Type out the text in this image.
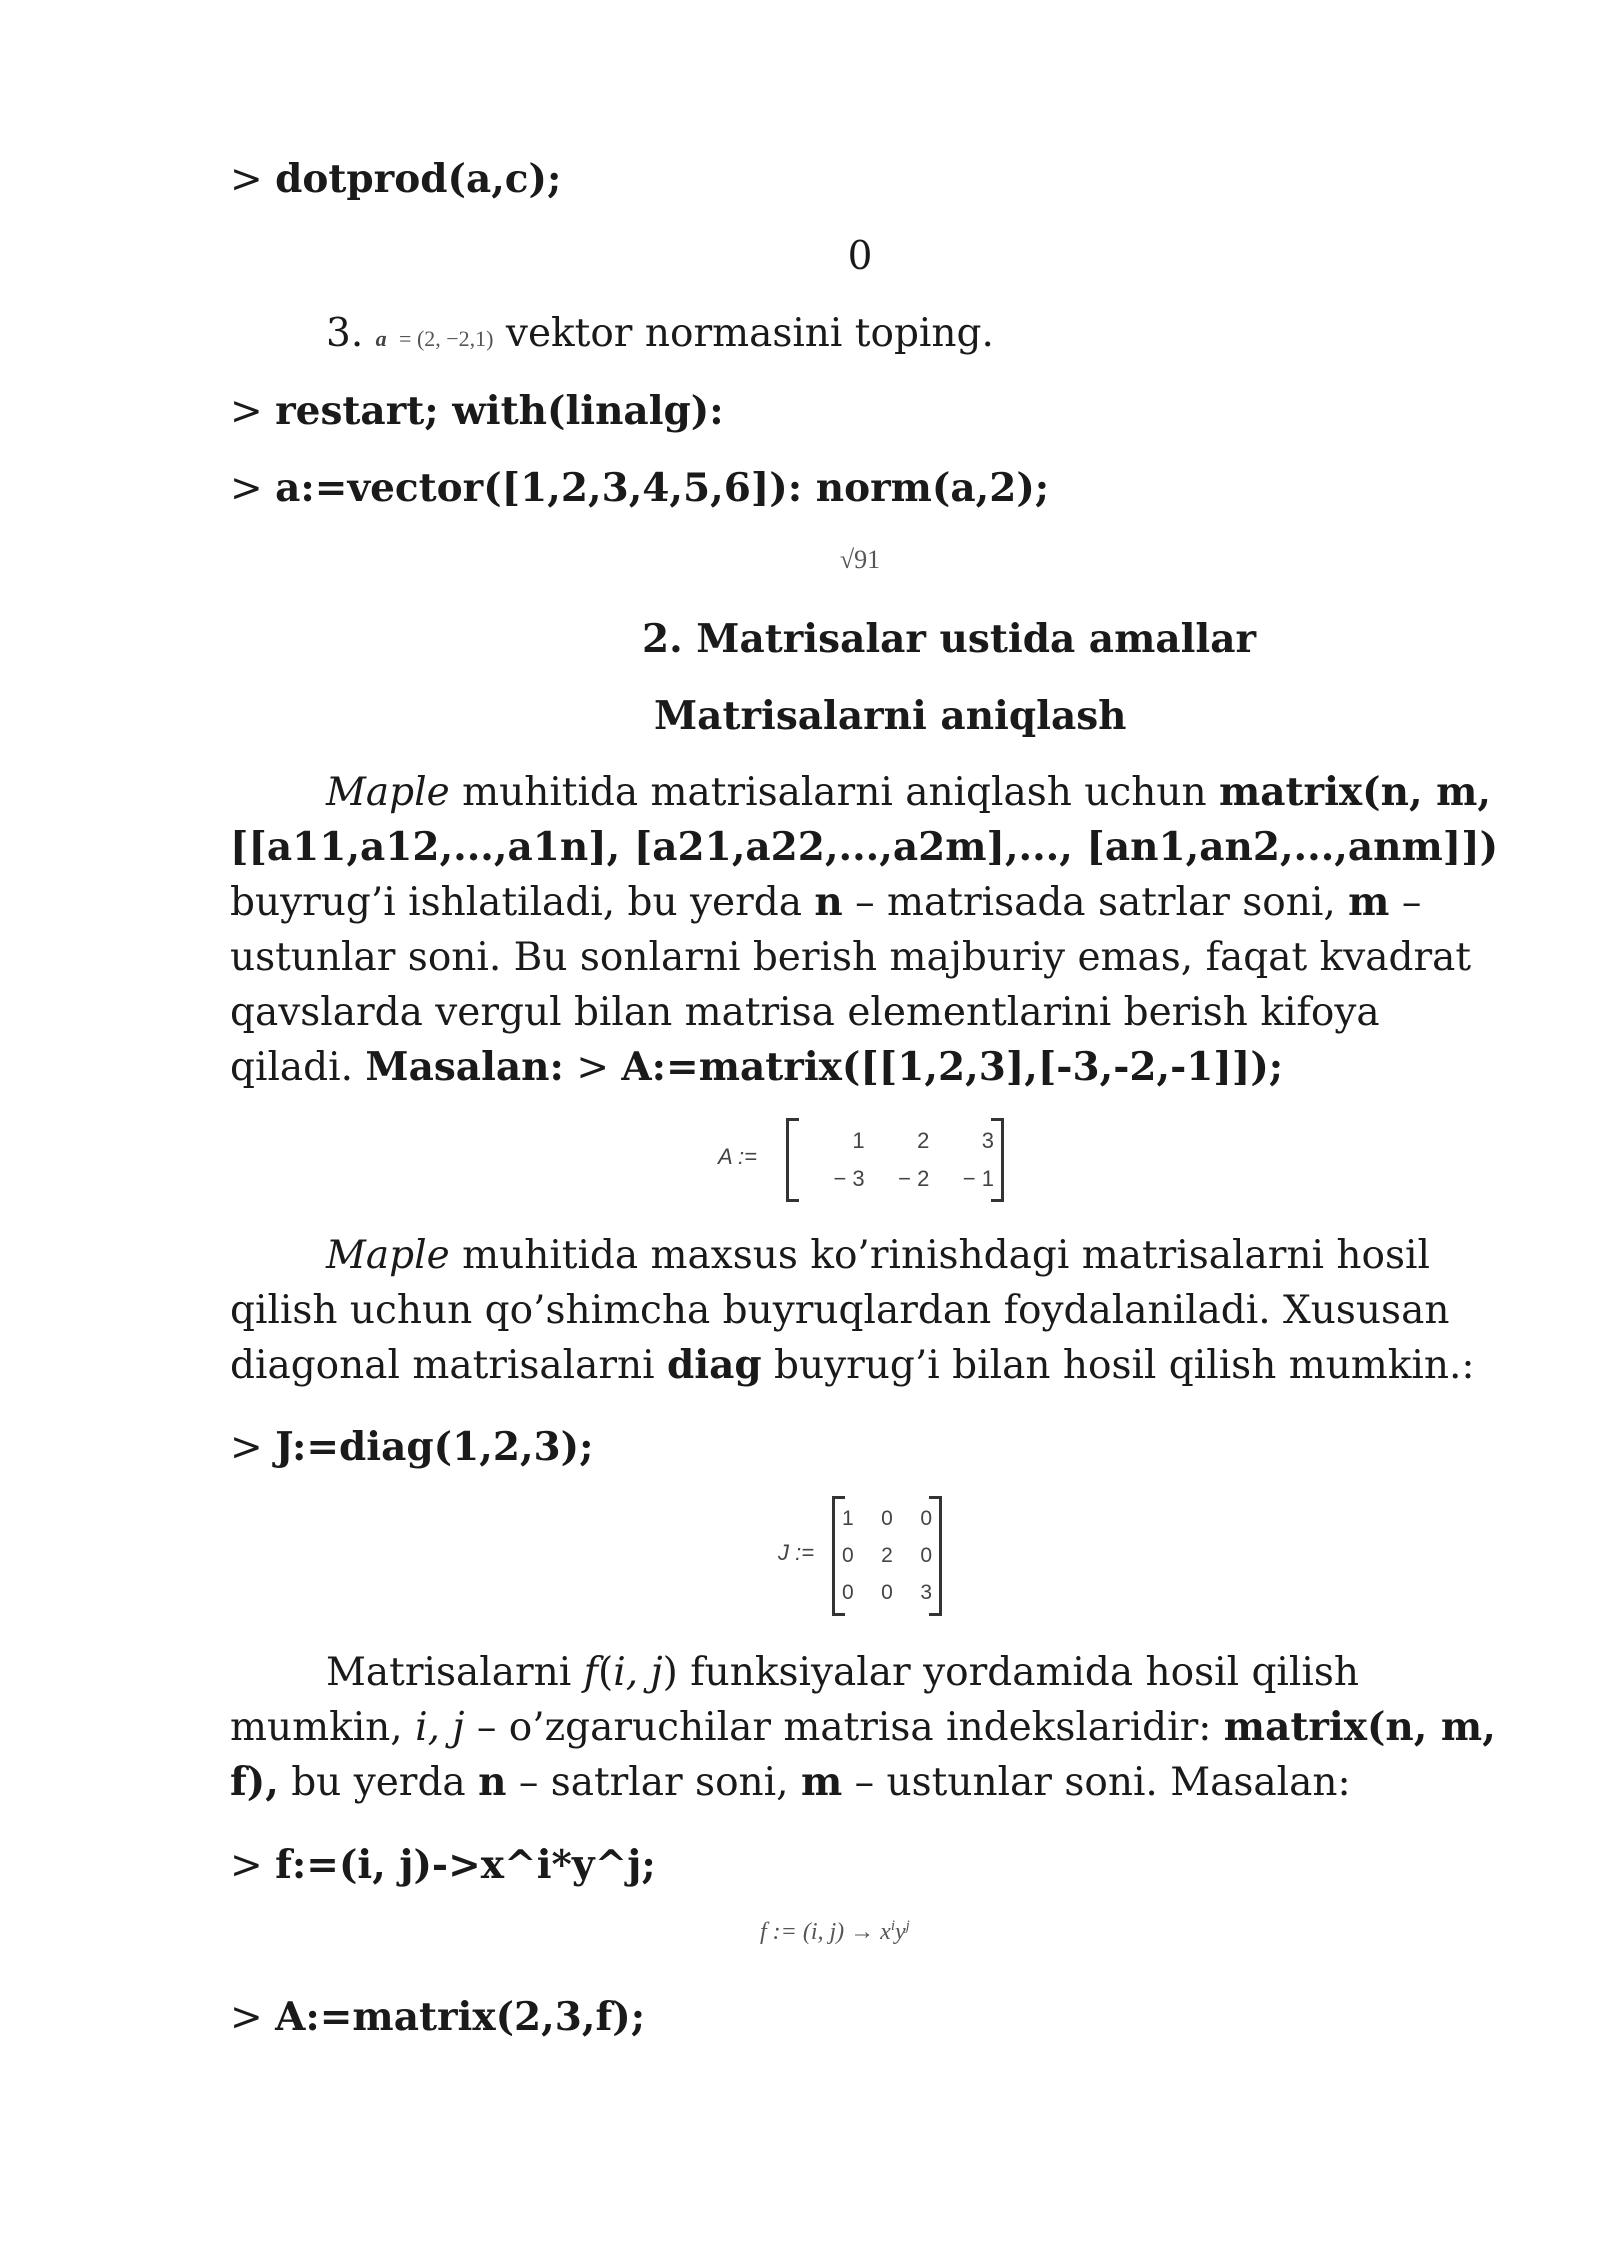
> dotprod(a,c);
0
3. a = (2, −2,1) vektor normasini toping.
> restart; with(linalg):
> a:=vector([1,2,3,4,5,6]): norm(a,2);
√91
2. Matrisalar ustida amallar
Matrisalarni aniqlash
Maple muhitida matrisalarni aniqlash uchun matrix(n, m, [[a11,a12,...,a1n], [a21,a22,...,a2m],..., [an1,an2,...,anm]]) buyrug’i ishlatiladi, bu yerda n – matrisada satrlar soni, m – ustunlar soni. Bu sonlarni berish majburiy emas, faqat kvadrat qavslarda vergul bilan matrisa elementlarini berish kifoya qiladi. Masalan: > A:=matrix([[1,2,3],[-3,-2,-1]]);
A :=
1	2	3
− 3	− 2	− 1
Maple muhitida maxsus ko’rinishdagi matrisalarni hosil qilish uchun qo’shimcha buyruqlardan foydalaniladi. Xususan diagonal matrisalarni diag buyrug’i bilan hosil qilish mumkin.:
> J:=diag(1,2,3);
J :=
1	0	0
0	2	0
0	0	3
Matrisalarni f(i, j) funksiyalar yordamida hosil qilish mumkin, i, j – o’zgaruchilar matrisa indekslaridir: matrix(n, m, f), bu yerda n – satrlar soni, m – ustunlar soni. Masalan:
> f:=(i, j)->x^i*y^j;
f := (i, $j) \to x^iy^j$
> A:=matrix(2,3,f);
